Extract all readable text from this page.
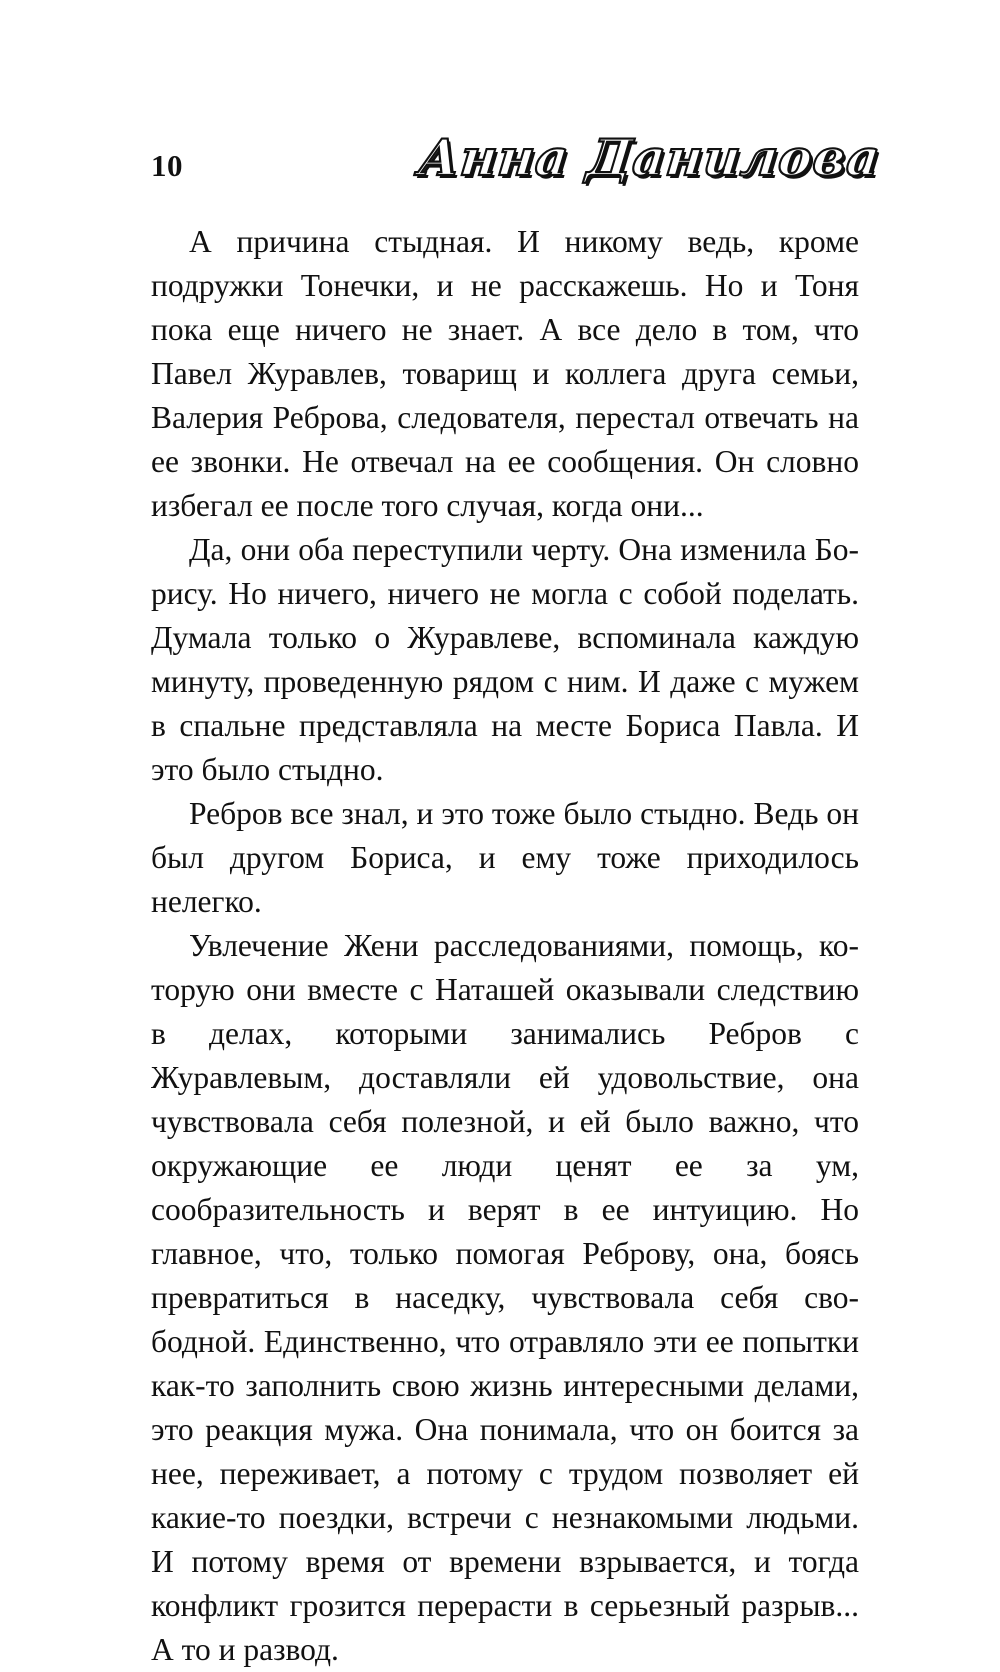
10	Анна Данилова

А причина стыдная. И никому ведь, кроме подружки Тонечки, и не расскажешь. Но и Тоня пока еще ничего не знает. А все дело в том, что Павел Журавлев, товарищ и коллега друга семьи, Валерия Реброва, следователя, перестал отвечать на ее звонки. Не отвечал на ее сообщения. Он словно избегал ее после того случая, когда они...

Да, они оба переступили черту. Она изменила Борису. Но ничего, ничего не могла с собой поделать. Думала только о Журавлеве, вспоминала каждую минуту, проведенную рядом с ним. И даже с мужем в спальне представляла на месте Бориса Павла. И это было стыдно.

Ребров все знал, и это тоже было стыдно. Ведь он был другом Бориса, и ему тоже приходилось нелегко.

Увлечение Жени расследованиями, помощь, которую они вместе с Наташей оказывали следствию в делах, которыми занимались Ребров с Журавлевым, доставляли ей удовольствие, она чувствовала себя полезной, и ей было важно, что окружающие ее люди ценят ее за ум, сообразительность и верят в ее интуицию. Но главное, что, только помогая Реброву, она, боясь превратиться в наседку, чувствовала себя свободной. Единственно, что отравляло эти ее попытки как-то заполнить свою жизнь интересными делами, это реакция мужа. Она понимала, что он боится за нее, переживает, а потому с трудом позволяет ей какие-то поездки, встречи с незнакомыми людьми. И потому время от времени взрывается, и тогда конфликт грозится перерасти в серьезный разрыв... А то и развод.
